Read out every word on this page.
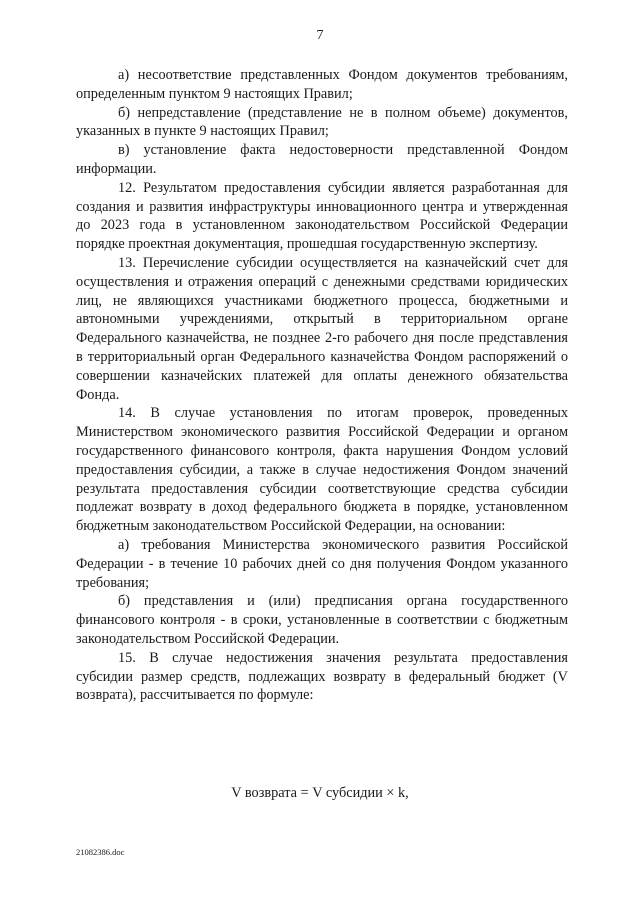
7

а) несоответствие представленных Фондом документов требованиям, определенным пунктом 9 настоящих Правил;

б) непредставление (представление не в полном объеме) документов, указанных в пункте 9 настоящих Правил;

в) установление факта недостоверности представленной Фондом информации.

12. Результатом предоставления субсидии является разработанная для создания и развития инфраструктуры инновационного центра и утвержденная до 2023 года в установленном законодательством Российской Федерации порядке проектная документация, прошедшая государственную экспертизу.

13. Перечисление субсидии осуществляется на казначейский счет для осуществления и отражения операций с денежными средствами юридических лиц, не являющихся участниками бюджетного процесса, бюджетными и автономными учреждениями, открытый в территориальном органе Федерального казначейства, не позднее 2-го рабочего дня после представления в территориальный орган Федерального казначейства Фондом распоряжений о совершении казначейских платежей для оплаты денежного обязательства Фонда.

14. В случае установления по итогам проверок, проведенных Министерством экономического развития Российской Федерации и органом государственного финансового контроля, факта нарушения Фондом условий предоставления субсидии, а также в случае недостижения Фондом значений результата предоставления субсидии соответствующие средства субсидии подлежат возврату в доход федерального бюджета в порядке, установленном бюджетным законодательством Российской Федерации, на основании:

а) требования Министерства экономического развития Российской Федерации - в течение 10 рабочих дней со дня получения Фондом указанного требования;

б) представления и (или) предписания органа государственного финансового контроля - в сроки, установленные в соответствии с бюджетным законодательством Российской Федерации.

15. В случае недостижения значения результата предоставления субсидии размер средств, подлежащих возврату в федеральный бюджет (V возврата), рассчитывается по формуле:

V возврата = V субсидии × k,
21082386.doc
